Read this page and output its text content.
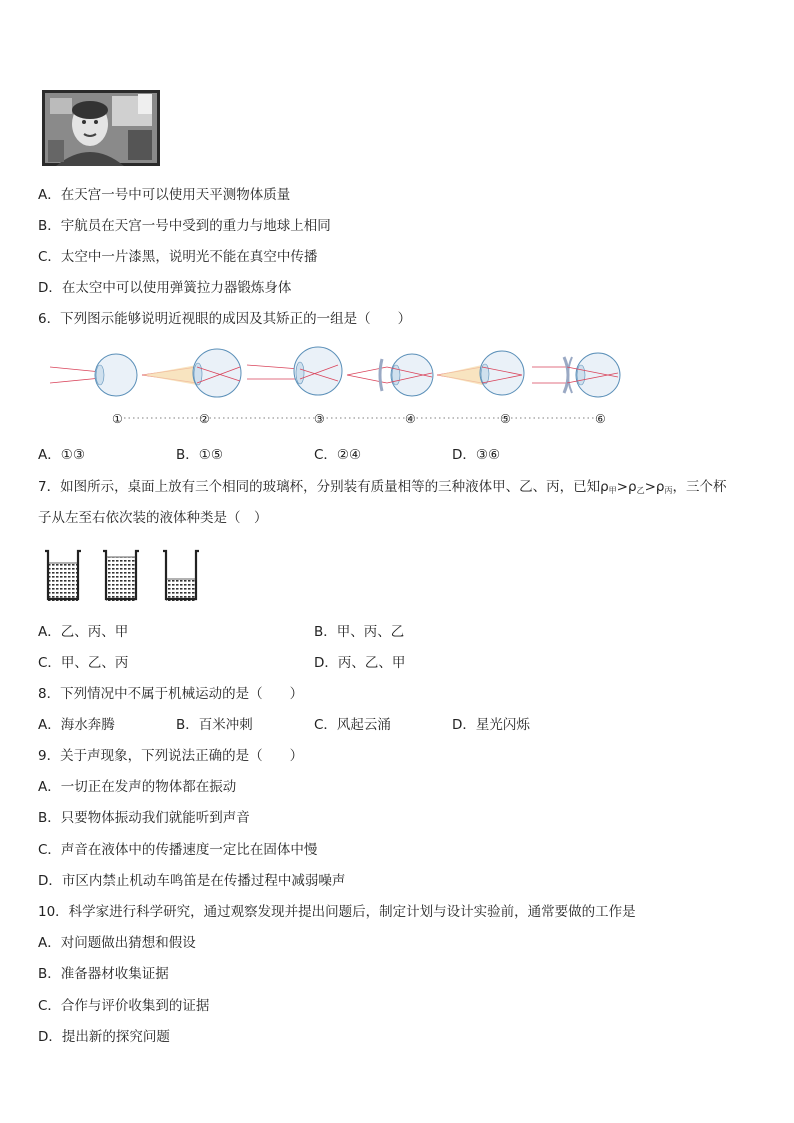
A．在天宫一号中可以使用天平测物体质量
B．宇航员在天宫一号中受到的重力与地球上相同
C．太空中一片漆黑，说明光不能在真空中传播
D．在太空中可以使用弹簧拉力器锻炼身体
6．下列图示能够说明近视眼的成因及其矫正的一组是（　　）
①	②	③	④	⑤	⑥
A．①③	B．①⑤	C．②④	D．③⑥
7．如图所示，桌面上放有三个相同的玻璃杯，分别装有质量相等的三种液体甲、乙、丙，已知$\rho_甲>\rho_乙>\rho_丙$，三个杯
子从左至右依次装的液体种类是（　）
A．乙、丙、甲	B．甲、丙、乙
C．甲、乙、丙	D．丙、乙、甲
8．下列情况中不属于机械运动的是（　　）
A．海水奔腾	B．百米冲刺	C．风起云涌	D．星光闪烁
9．关于声现象，下列说法正确的是（　　）
A．一切正在发声的物体都在振动
B．只要物体振动我们就能听到声音
C．声音在液体中的传播速度一定比在固体中慢
D．市区内禁止机动车鸣笛是在传播过程中减弱噪声
10．科学家进行科学研究，通过观察发现并提出问题后，制定计划与设计实验前，通常要做的工作是
A．对问题做出猜想和假设
B．准备器材收集证据
C．合作与评价收集到的证据
D．提出新的探究问题
